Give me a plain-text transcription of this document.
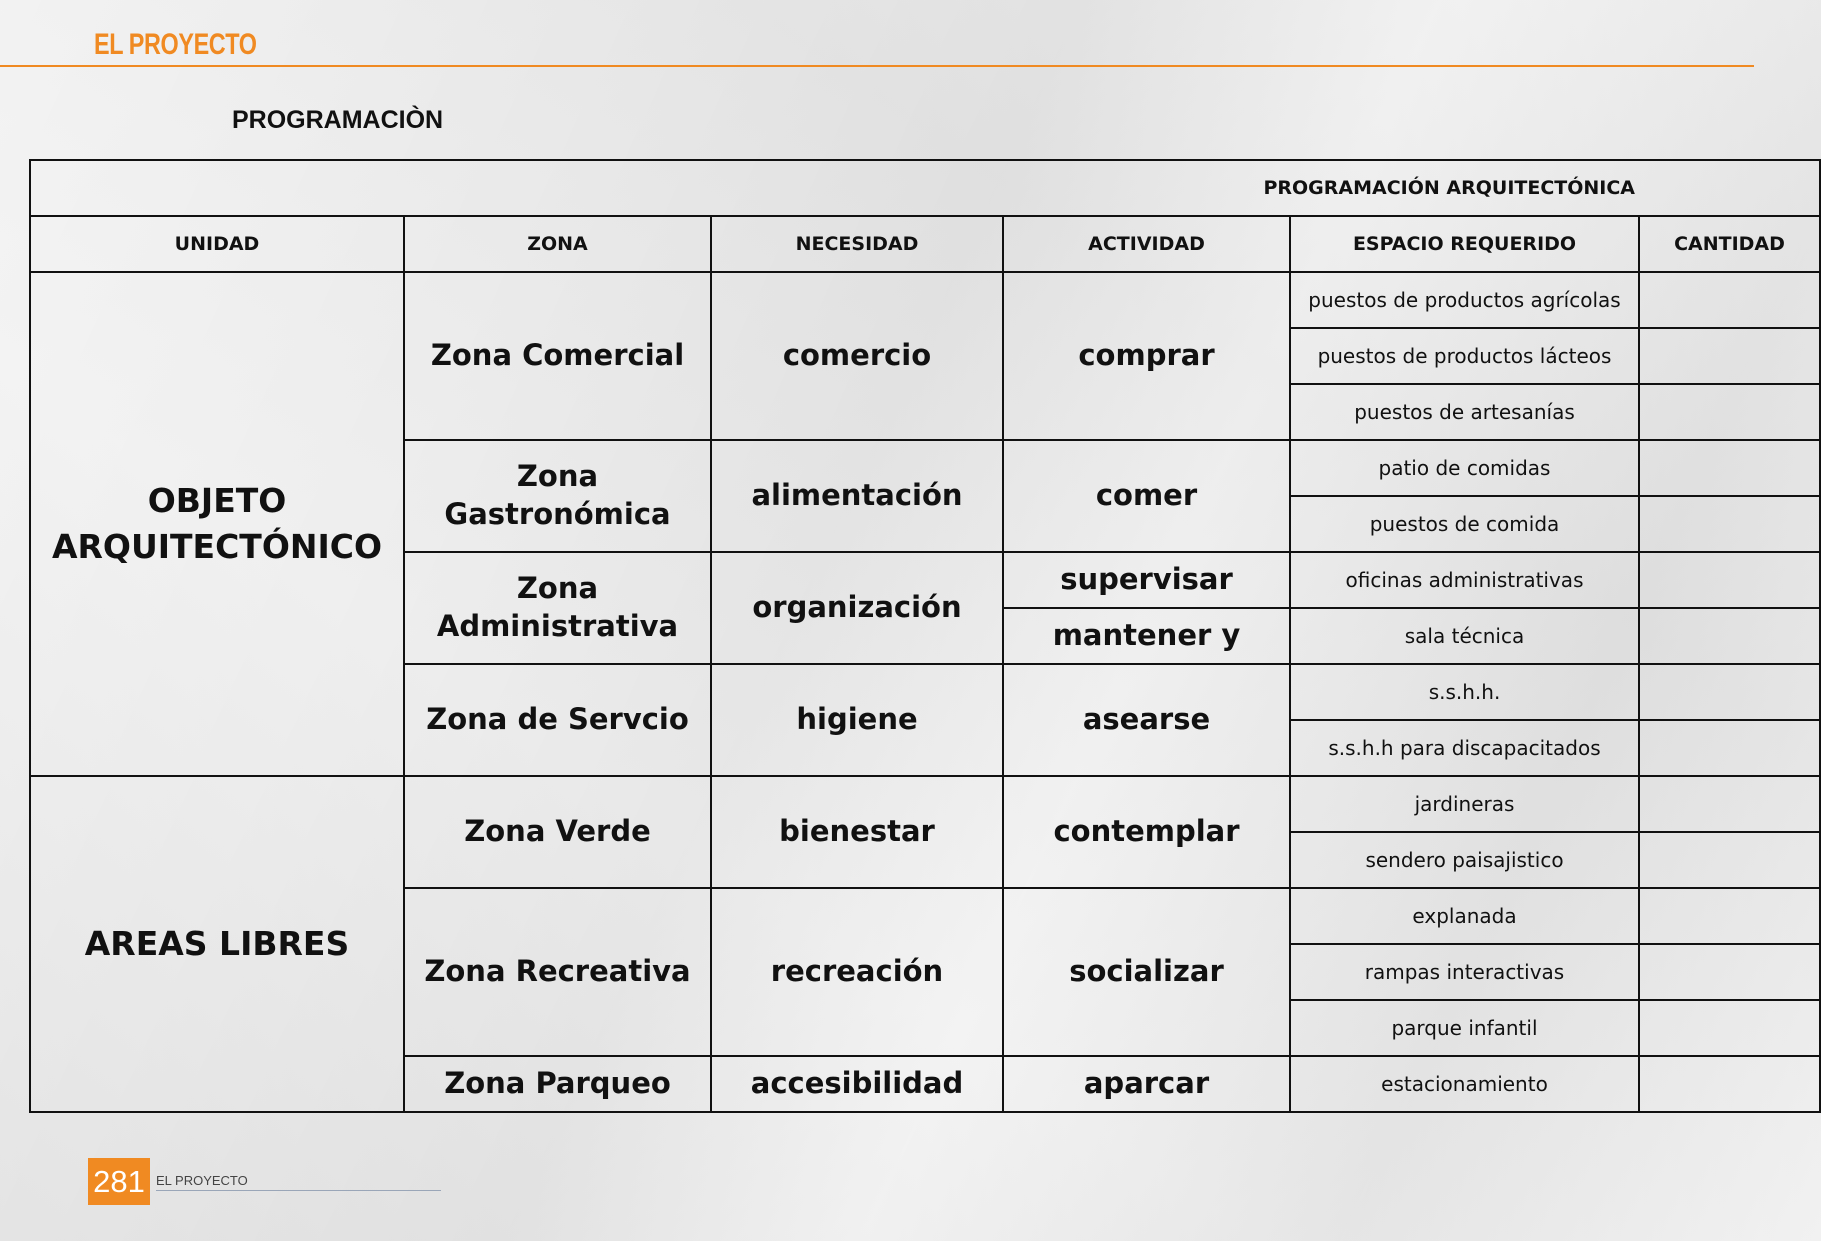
EL PROYECTO
PROGRAMACIÒN
PROGRAMACIÓN ARQUITECTÓNICA					
UNIDAD	ZONA	NECESIDAD	ACTIVIDAD	ESPACIO REQUERIDO	CANTIDAD
OBJETO ARQUITECTÓNICO	Zona Comercial	comercio	comprar	puestos de productos agrícolas	
				puestos de productos lácteos	
				puestos de artesanías	
	Zona Gastronómica	alimentación	comer	patio de comidas	
				puestos de comida	
	Zona Administrativa	organización	supervisar	oficinas administrativas	
			mantener y	sala técnica	
	Zona de Servcio	higiene	asearse	s.s.h.h.	
				s.s.h.h para discapacitados	
AREAS LIBRES	Zona Verde	bienestar	contemplar	jardineras	
				sendero paisajistico	
	Zona Recreativa	recreación	socializar	explanada	
				rampas interactivas	
				parque infantil	
	Zona Parqueo	accesibilidad	aparcar	estacionamiento	
281 EL PROYECTO
